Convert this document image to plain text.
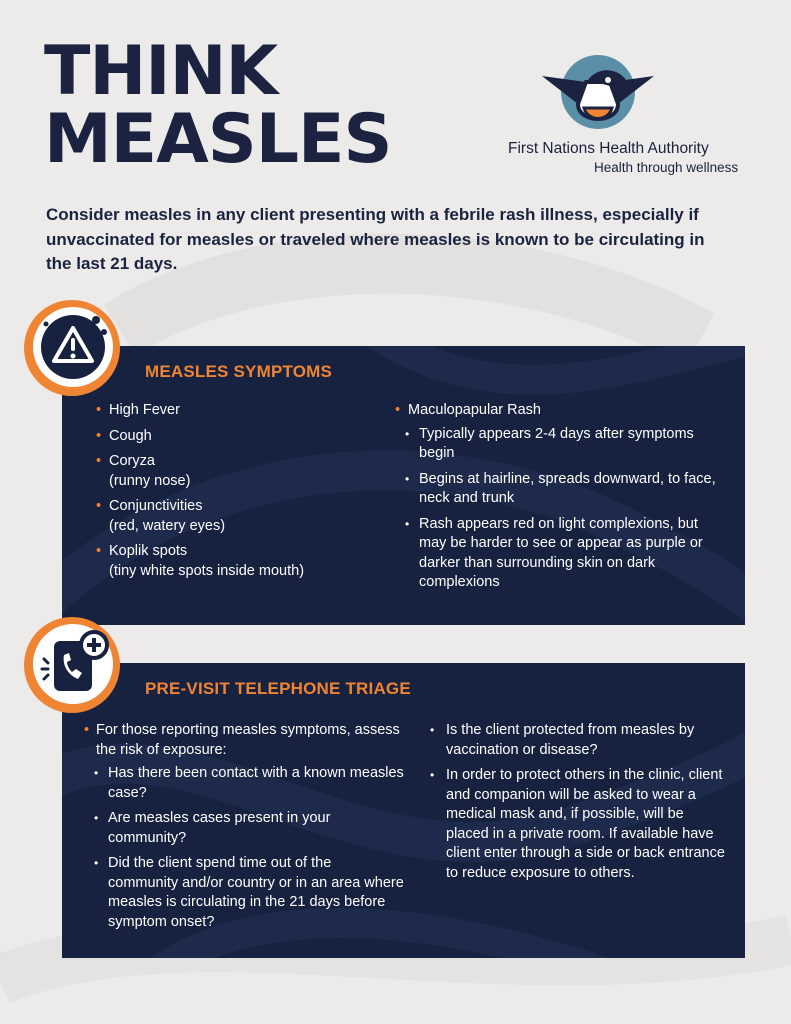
THINK
MEASLES	First Nations Health Authority
Health through wellness

Consider measles in any client presenting with a febrile rash illness, especially if unvaccinated for measles or traveled where measles is known to be circulating in the last 21 days.

MEASLES SYMPTOMS
• High Fever
• Cough
• Coryza
(runny nose)
• Conjunctivities
(red, watery eyes)
• Koplik spots
(tiny white spots inside mouth)
• Maculopapular Rash
• Typically appears 2-4 days after symptoms begin
• Begins at hairline, spreads downward, to face, neck and trunk
• Rash appears red on light complexions, but may be harder to see or appear as purple or darker than surrounding skin on dark complexions
PRE-VISIT TELEPHONE TRIAGE
• For those reporting measles symptoms, assess the risk of exposure:
• Has there been contact with a known measles case?
• Are measles cases present in your community?
• Did the client spend time out of the community and/or country or in an area where measles is circulating in the 21 days before symptom onset?
• Is the client protected from measles by vaccination or disease?
• In order to protect others in the clinic, client and companion will be asked to wear a medical mask and, if possible, will be placed in a private room. If available have client enter through a side or back entrance to reduce exposure to others.
